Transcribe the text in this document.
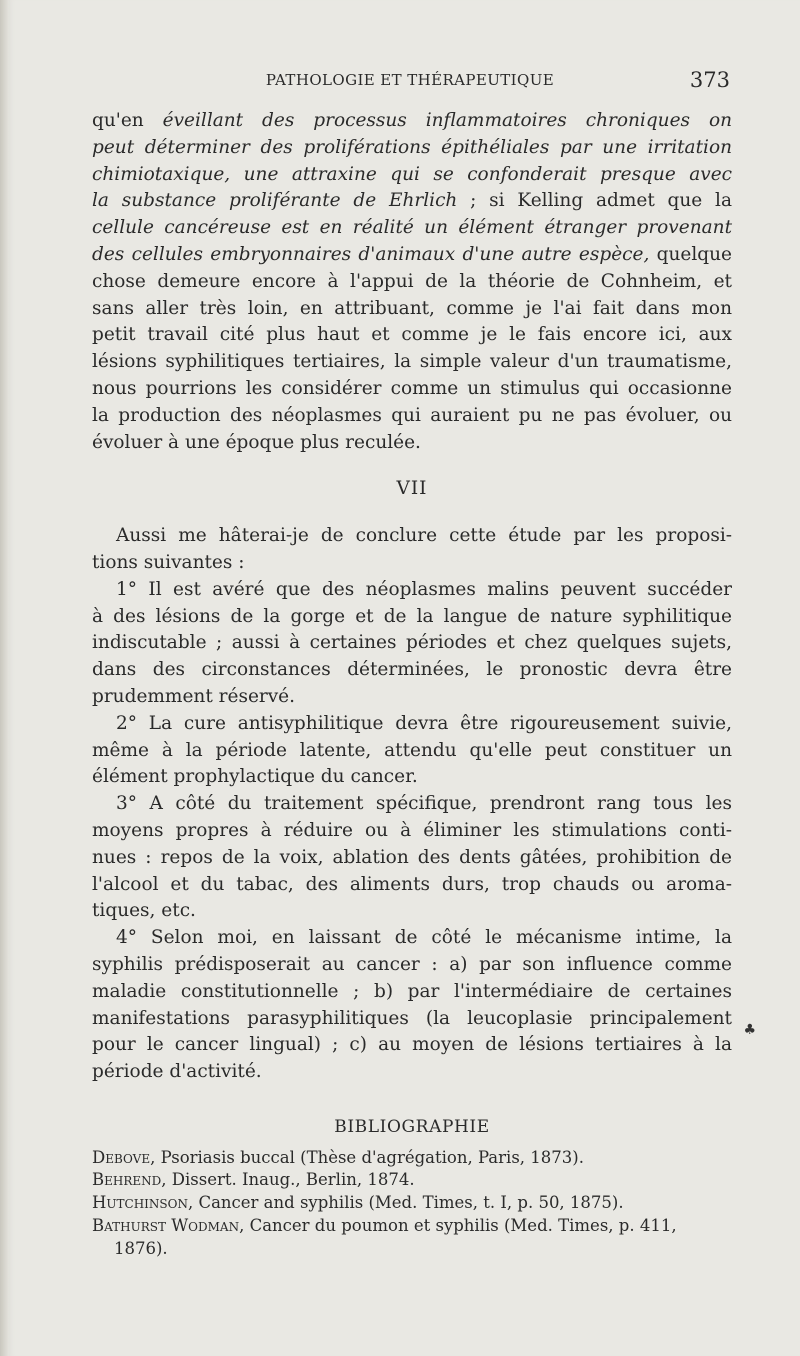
PATHOLOGIE ET THÉRAPEUTIQUE	373

qu'en éveillant des processus inflammatoires chroniques on
peut déterminer des proliférations épithéliales par une irritation
chimiotaxique, une attraxine qui se confonderait presque avec
la substance proliférante de Ehrlich ; si Kelling admet que la
cellule cancéreuse est en réalité un élément étranger provenant
des cellules embryonnaires d'animaux d'une autre espèce, quelque
chose demeure encore à l'appui de la théorie de Cohnheim, et
sans aller très loin, en attribuant, comme je l'ai fait dans mon
petit travail cité plus haut et comme je le fais encore ici, aux
lésions syphilitiques tertiaires, la simple valeur d'un traumatisme,
nous pourrions les considérer comme un stimulus qui occasionne
la production des néoplasmes qui auraient pu ne pas évoluer, ou
évoluer à une époque plus reculée.

VII

Aussi me hâterai-je de conclure cette étude par les proposi-
tions suivantes :

1° Il est avéré que des néoplasmes malins peuvent succéder
à des lésions de la gorge et de la langue de nature syphilitique
indiscutable ; aussi à certaines périodes et chez quelques sujets,
dans des circonstances déterminées, le pronostic devra être
prudemment réservé.

2° La cure antisyphilitique devra être rigoureusement suivie,
même à la période latente, attendu qu'elle peut constituer un
élément prophylactique du cancer.

3° A côté du traitement spécifique, prendront rang tous les
moyens propres à réduire ou à éliminer les stimulations conti-
nues : repos de la voix, ablation des dents gâtées, prohibition de
l'alcool et du tabac, des aliments durs, trop chauds ou aroma-
tiques, etc.

4° Selon moi, en laissant de côté le mécanisme intime, la
syphilis prédisposerait au cancer : a) par son influence comme
maladie constitutionnelle ; b) par l'intermédiaire de certaines
manifestations parasyphilitiques (la leucoplasie principalement
pour le cancer lingual) ; c) au moyen de lésions tertiaires à la
période d'activité.

BIBLIOGRAPHIE
Debove, Psoriasis buccal (Thèse d'agrégation, Paris, 1873).
Behrend, Dissert. Inaug., Berlin, 1874.
Hutchinson, Cancer and syphilis (Med. Times, t. I, p. 50, 1875).
Bathurst Wodman, Cancer du poumon et syphilis (Med. Times, p. 411,
1876).
♣
